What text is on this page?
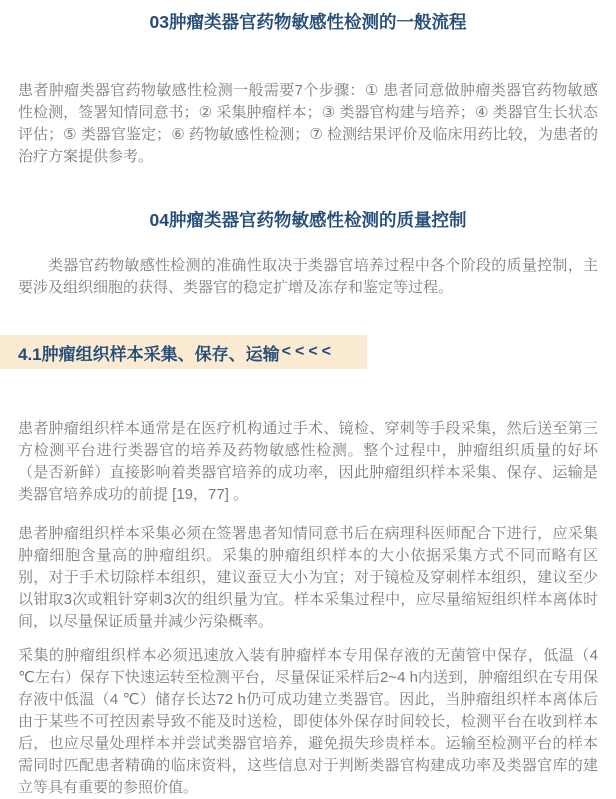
03肿瘤类器官药物敏感性检测的一般流程

患者肿瘤类器官药物敏感性检测一般需要7个步骤：① 患者同意做肿瘤类器官药物敏感性检测，签署知情同意书；② 采集肿瘤样本；③ 类器官构建与培养；④ 类器官生长状态评估；⑤ 类器官鉴定；⑥ 药物敏感性检测；⑦ 检测结果评价及临床用药比较，为患者的治疗方案提供参考。

04肿瘤类器官药物敏感性检测的质量控制

类器官药物敏感性检测的准确性取决于类器官培养过程中各个阶段的质量控制，主要涉及组织细胞的获得、类器官的稳定扩增及冻存和鉴定等过程。

4.1肿瘤组织样本采集、保存、运输 <<<<

患者肿瘤组织样本通常是在医疗机构通过手术、镜检、穿刺等手段采集，然后送至第三方检测平台进行类器官的培养及药物敏感性检测。整个过程中，肿瘤组织质量的好坏（是否新鲜）直接影响着类器官培养的成功率，因此肿瘤组织样本采集、保存、运输是类器官培养成功的前提 [19，77] 。

患者肿瘤组织样本采集必须在签署患者知情同意书后在病理科医师配合下进行，应采集肿瘤细胞含量高的肿瘤组织。采集的肿瘤组织样本的大小依据采集方式不同而略有区别，对于手术切除样本组织，建议蚕豆大小为宜；对于镜检及穿刺样本组织，建议至少以钳取3次或粗针穿刺3次的组织量为宜。样本采集过程中，应尽量缩短组织样本离体时间，以尽量保证质量并减少污染概率。

采集的肿瘤组织样本必须迅速放入装有肿瘤样本专用保存液的无菌管中保存，低温（4 ℃左右）保存下快速运转至检测平台，尽量保证采样后2~4 h内送到，肿瘤组织在专用保存液中低温（4 ℃）储存长达72 h仍可成功建立类器官。因此，当肿瘤组织样本离体后由于某些不可控因素导致不能及时送检，即使体外保存时间较长，检测平台在收到样本后，也应尽量处理样本并尝试类器官培养，避免损失珍贵样本。运输至检测平台的样本需同时匹配患者精确的临床资料，这些信息对于判断类器官构建成功率及类器官库的建立等具有重要的参照价值。
